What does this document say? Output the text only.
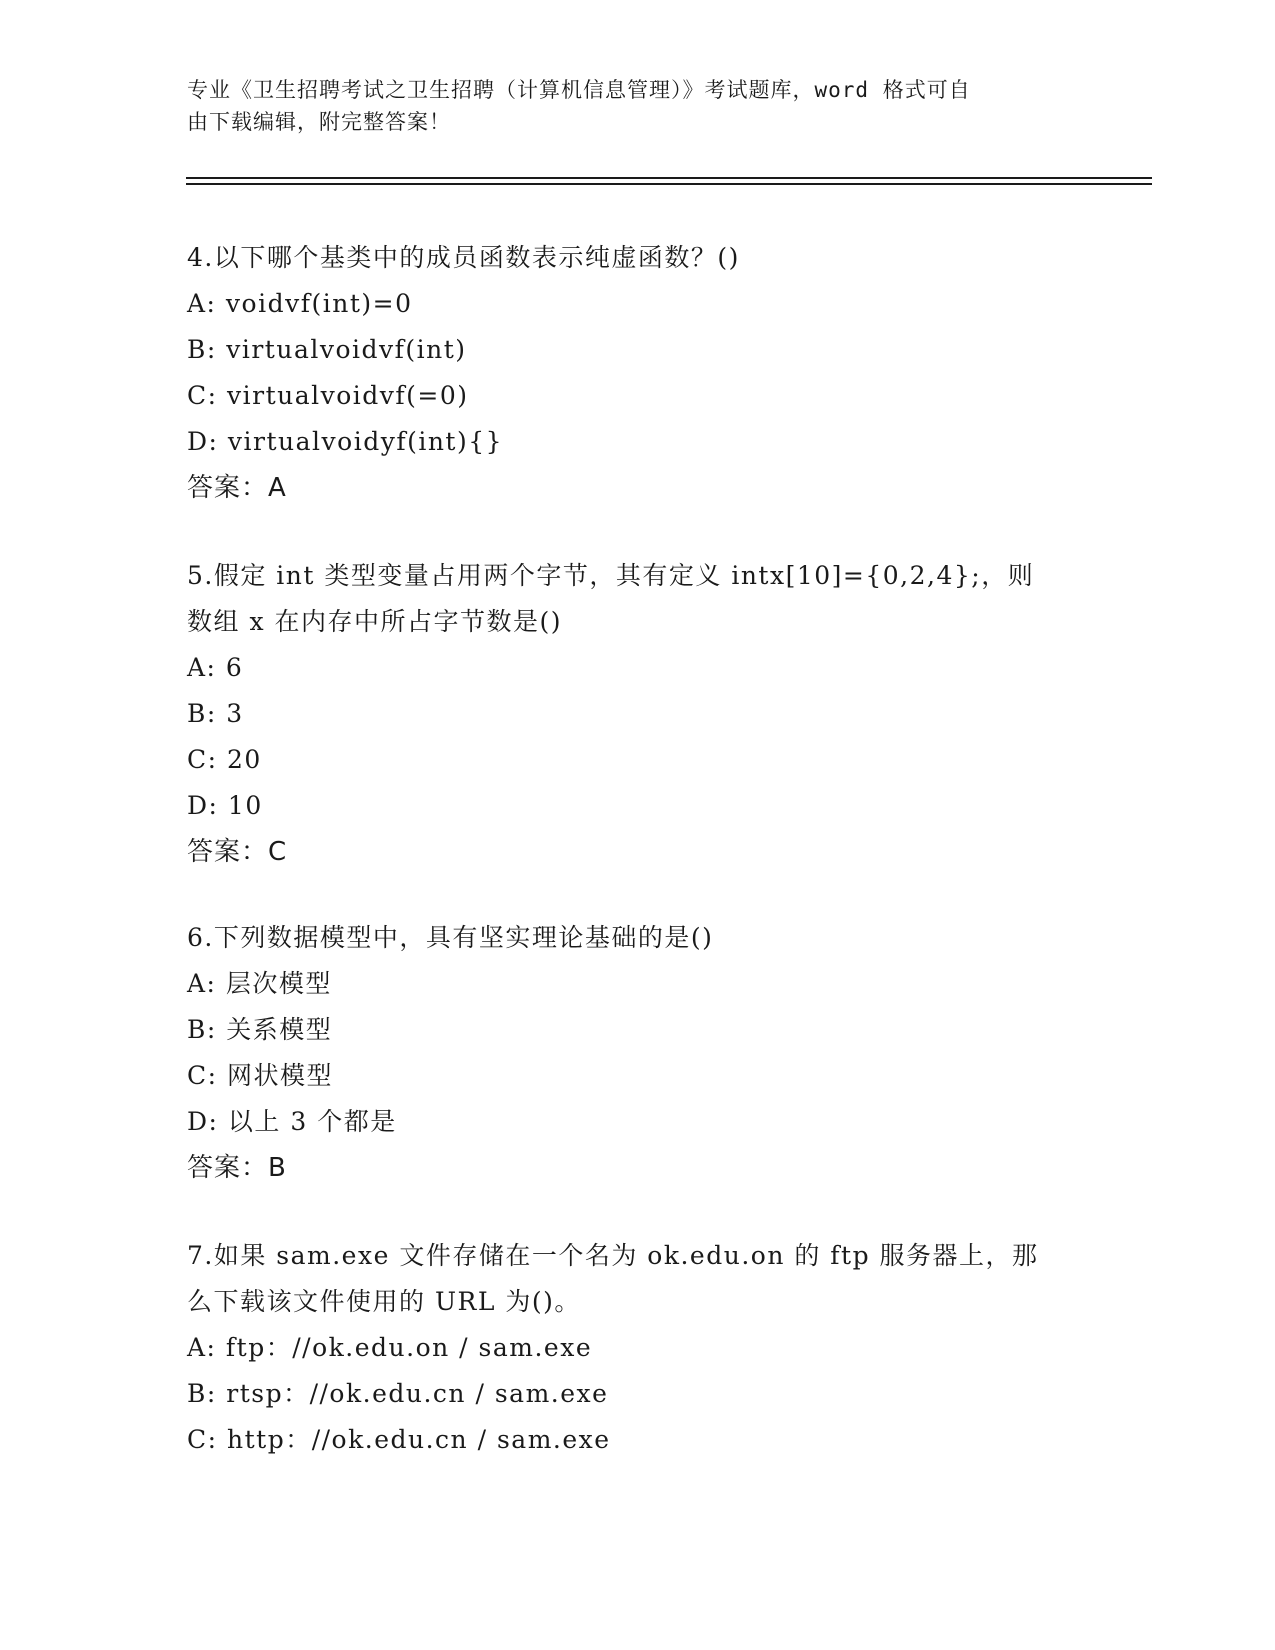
专业《卫生招聘考试之卫生招聘（计算机信息管理）》考试题库，word 格式可自
由下载编辑，附完整答案！
4.以下哪个基类中的成员函数表示纯虚函数？()
A: voidvf(int)=0
B: virtualvoidvf(int)
C: virtualvoidvf(=0)
D: virtualvoidyf(int){}
答案：A
5.假定 int 类型变量占用两个字节，其有定义 intx[10]={0,2,4};，则
数组 x 在内存中所占字节数是()
A: 6
B: 3
C: 20
D: 10
答案：C
6.下列数据模型中，具有坚实理论基础的是()
A: 层次模型
B: 关系模型
C: 网状模型
D: 以上 3 个都是
答案：B
7.如果 sam.exe 文件存储在一个名为 ok.edu.on 的 ftp 服务器上，那
么下载该文件使用的 URL 为()。
A: ftp：//ok.edu.on / sam.exe
B: rtsp：//ok.edu.cn / sam.exe
C: http：//ok.edu.cn / sam.exe
